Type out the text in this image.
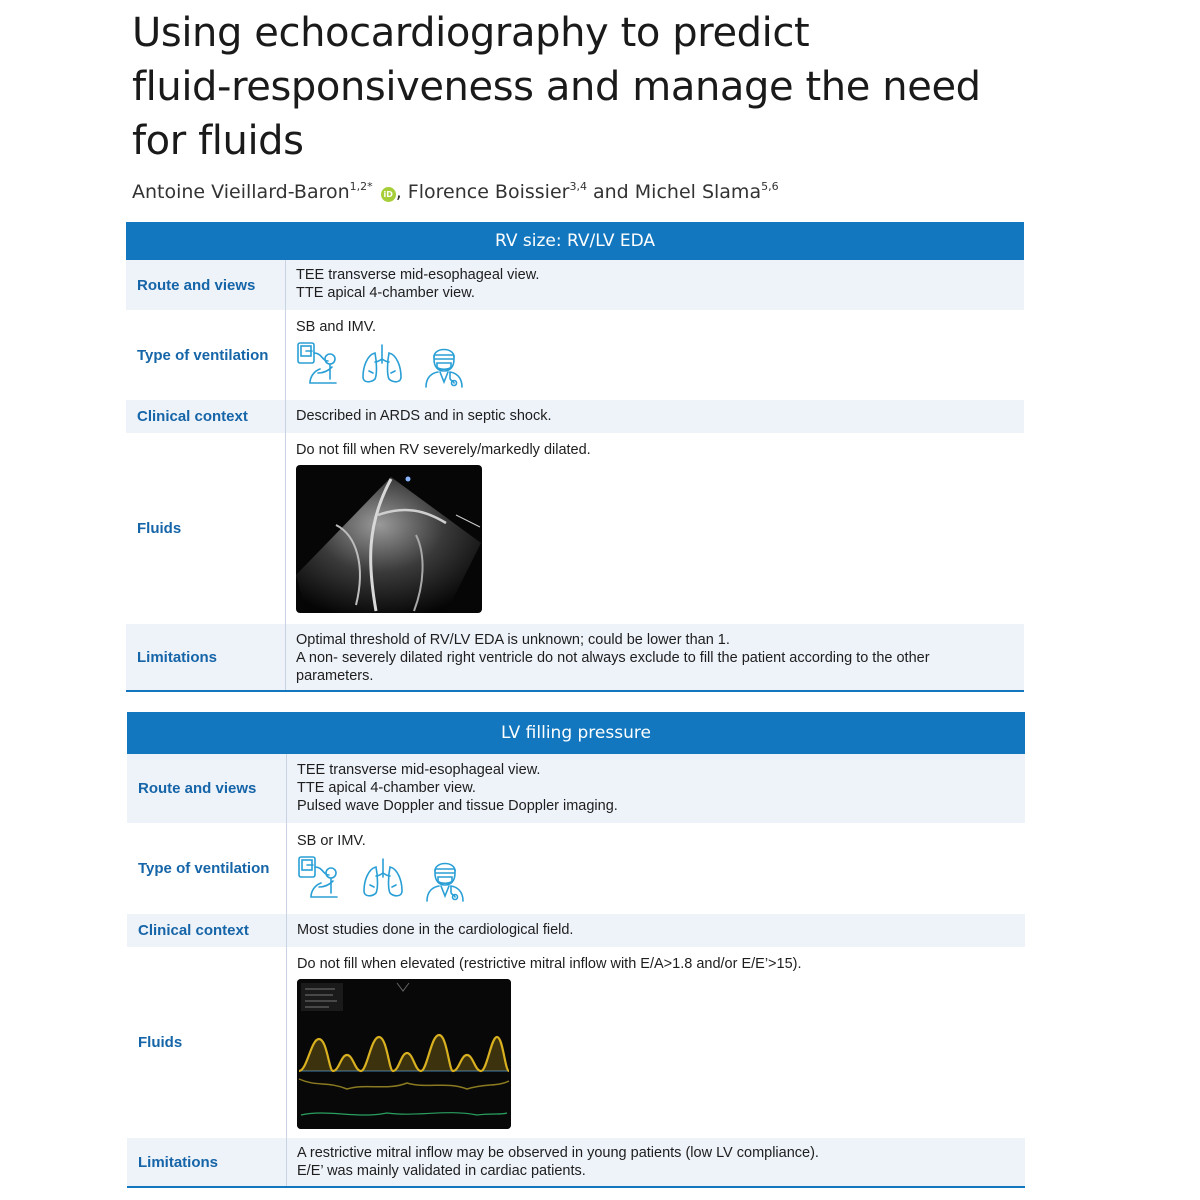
Using echocardiography to predict
fluid-responsiveness and manage the need
for fluids
Antoine Vieillard-Baron$^{1,2*}$ iD , Florence Boissier$^{3,4}$ and Michel Slama$^{5,6}$
RV size: RV/LV EDA
Route and views
TEE transverse mid-esophageal view.
TTE apical 4-chamber view.
Type of ventilation
SB and IMV.
Clinical context	Described in ARDS and in septic shock.
Fluids
Do not fill when RV severely/markedly dilated.
Limitations
Optimal threshold of RV/LV EDA is unknown; could be lower than 1.
A non- severely dilated right ventricle do not always exclude to fill the patient according to the other
parameters.
LV filling pressure
Route and views
TEE transverse mid-esophageal view.
TTE apical 4-chamber view.
Pulsed wave Doppler and tissue Doppler imaging.
Type of ventilation
SB or IMV.
Clinical context	Most studies done in the cardiological field.
Fluids
Do not fill when elevated (restrictive mitral inflow with E/A>1.8 and/or E/E’>15).
Limitations
A restrictive mitral inflow may be observed in young patients (low LV compliance).
E/E’ was mainly validated in cardiac patients.
